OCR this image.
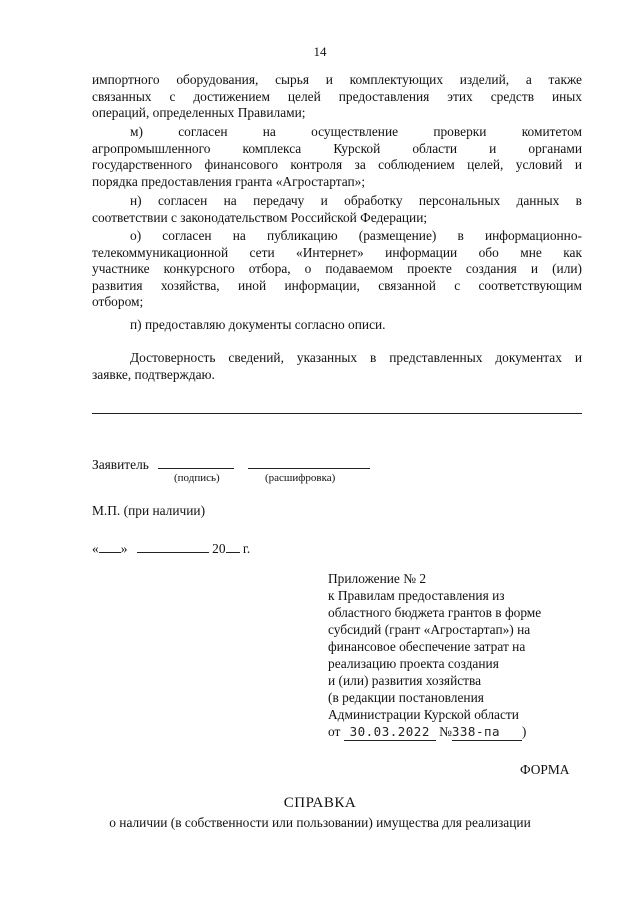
14
импортного оборудования, сырья и комплектующих изделий, а также
связанных с достижением целей предоставления этих средств иных
операций, определенных Правилами;
м) согласен на осуществление проверки комитетом
агропромышленного комплекса Курской области и органами
государственного финансового контроля за соблюдением целей, условий и
порядка предоставления гранта «Агростартап»;
н) согласен на передачу и обработку персональных данных в
соответствии с законодательством Российской Федерации;
о) согласен на публикацию (размещение) в информационно-
телекоммуникационной сети «Интернет» информации обо мне как
участнике конкурсного отбора, о подаваемом проекте создания и (или)
развития хозяйства, иной информации, связанной с соответствующим
отбором;
п) предоставляю документы согласно описи.
Достоверность сведений, указанных в представленных документах и
заявке, подтверждаю.
Заявитель
(подпись)	(расшифровка)
М.П. (при наличии)
« »	20 г.
Приложение № 2
к Правилам предоставления из
областного бюджета грантов в форме
субсидий (грант «Агростартап») на
финансовое обеспечение затрат на
реализацию проекта создания
и (или) развития хозяйства
(в редакции постановления
Администрации Курской области
от 30.03.2022 №338-па )
ФОРМА
СПРАВКА
о наличии (в собственности или пользовании) имущества для реализации
